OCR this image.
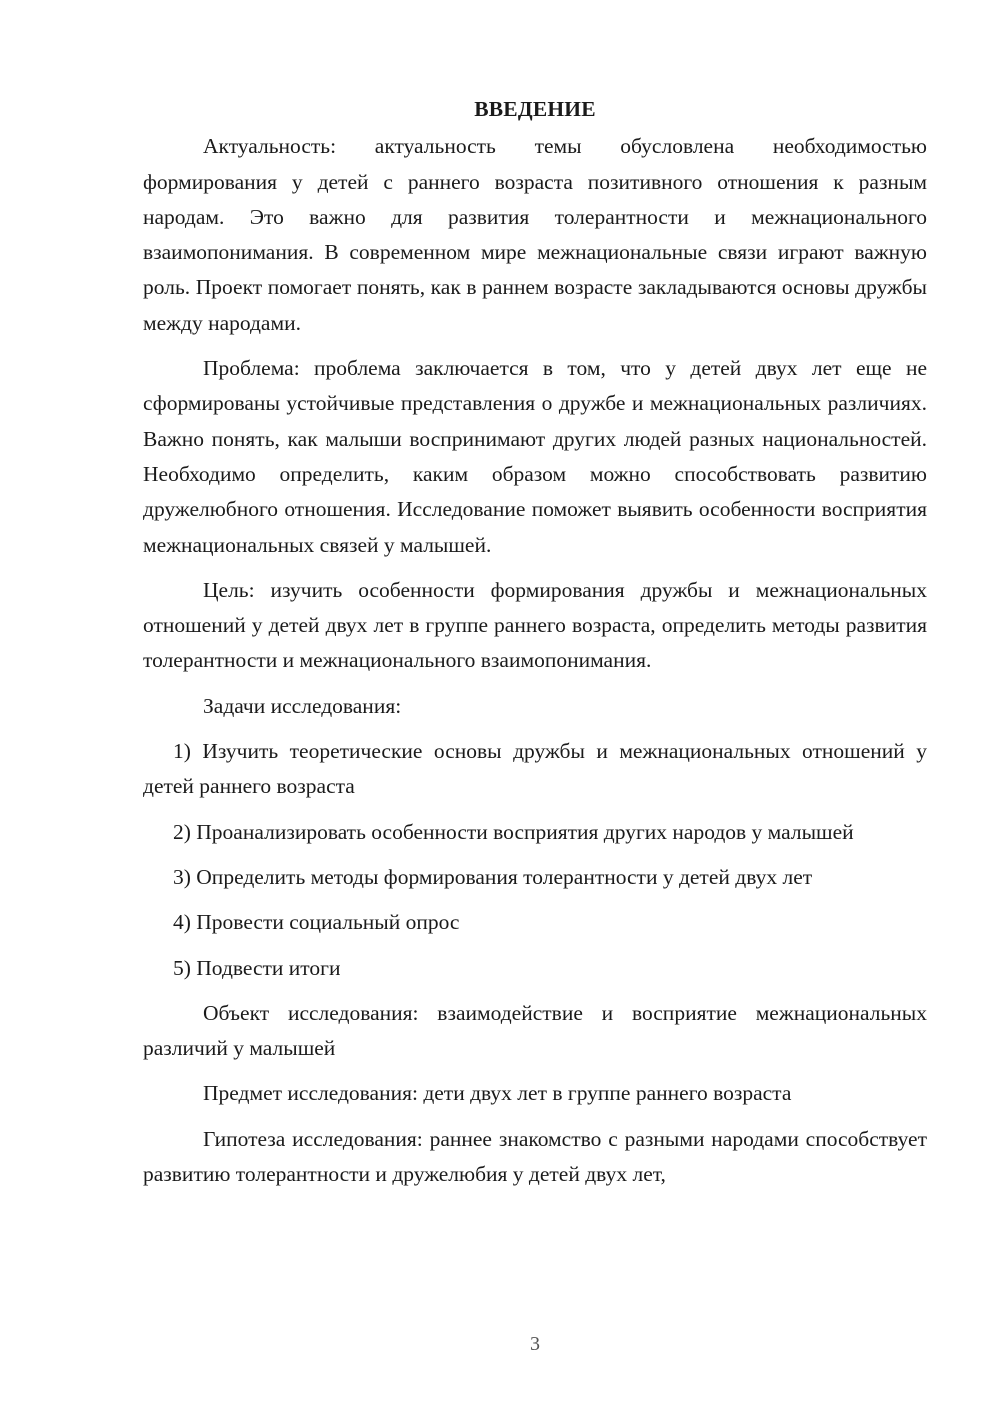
ВВЕДЕНИЕ

Актуальность: актуальность темы обусловлена необходимостью формирования у детей с раннего возраста позитивного отношения к разным народам. Это важно для развития толерантности и межнационального взаимопонимания. В современном мире межнациональные связи играют важную роль. Проект помогает понять, как в раннем возрасте закладываются основы дружбы между народами.

Проблема: проблема заключается в том, что у детей двух лет еще не сформированы устойчивые представления о дружбе и межнациональных различиях. Важно понять, как малыши воспринимают других людей разных национальностей. Необходимо определить, каким образом можно способствовать развитию дружелюбного отношения. Исследование поможет выявить особенности восприятия межнациональных связей у малышей.

Цель: изучить особенности формирования дружбы и межнациональных отношений у детей двух лет в группе раннего возраста, определить методы развития толерантности и межнационального взаимопонимания.

Задачи исследования:

1) Изучить теоретические основы дружбы и межнациональных отношений у детей раннего возраста

2) Проанализировать особенности восприятия других народов у малышей

3) Определить методы формирования толерантности у детей двух лет

4) Провести социальный опрос

5) Подвести итоги

Объект исследования: взаимодействие и восприятие межнациональных различий у малышей

Предмет исследования: дети двух лет в группе раннего возраста

Гипотеза исследования: раннее знакомство с разными народами способствует развитию толерантности и дружелюбия у детей двух лет,

3
